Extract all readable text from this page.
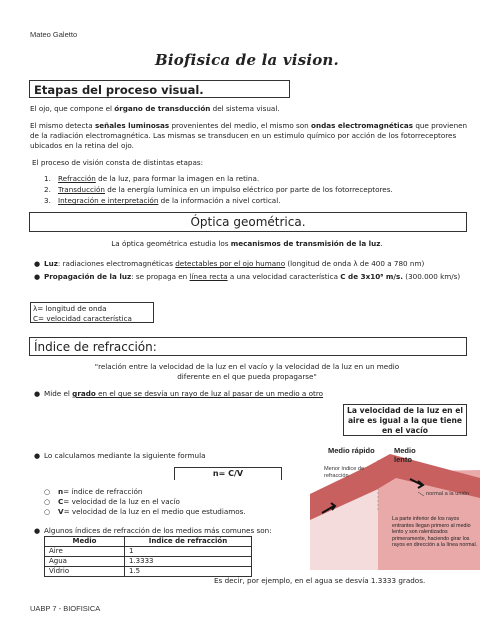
Mateo Galetto
Biofisica de la vision.
Etapas del proceso visual.
El ojo, que compone el órgano de transducción del sistema visual.
El mismo detecta señales luminosas provenientes del medio, el mismo son ondas electromagnéticas que provienen de la radiación electromagnética. Las mismas se transducen en un estimulo químico por acción de los fotorreceptores ubicados en la retina del ojo.
El proceso de visión consta de distintas etapas:
1. Refracción de la luz, para formar la imagen en la retina.
2. Transducción de la energía lumínica en un impulso eléctrico por parte de los fotorreceptores.
3. Integración e interpretación de la información a nivel cortical.
Óptica geométrica.
La óptica geométrica estudia los mecanismos de transmisión de la luz.
● Luz: radiaciones electromagnéticas detectables por el ojo humano (longitud de onda λ de 400 a 780 nm)
● Propagación de la luz: se propaga en línea recta a una velocidad característica C de 3x10⁸ m/s. (300.000 km/s)
λ= longitud de onda
C= velocidad característica
Índice de refracción:
"relación entre la velocidad de la luz en el vacío y la velocidad de la luz en un medio
diferente en el que pueda propagarse"
● Mide el grado en el que se desvía un rayo de luz al pasar de un medio a otro
La velocidad de la luz en el aire es igual a la que tiene en el vacío
● Lo calculamos mediante la siguiente formula
n= C/V
○ n= índice de refracción
○ C= velocidad de la luz en el vacío
○ V= velocidad de la luz en el medio que estudiamos.
● Algunos índices de refracción de los medios más comunes son:
Medio	Índice de refracción
Aire	1
Agua	1.3333
Vidrio	1.5
Es decir, por ejemplo, en el agua se desvía 1.3333 grados.
Medio rápido
Menor índice de refracción
Medio lento
normal a la unión
La parte inferior de los rayos entrantes llegan primero al medio lento y son ralentizados primeramente, haciendo girar los rayos en dirección a la línea normal.
UABP 7 - BIOFISICA
